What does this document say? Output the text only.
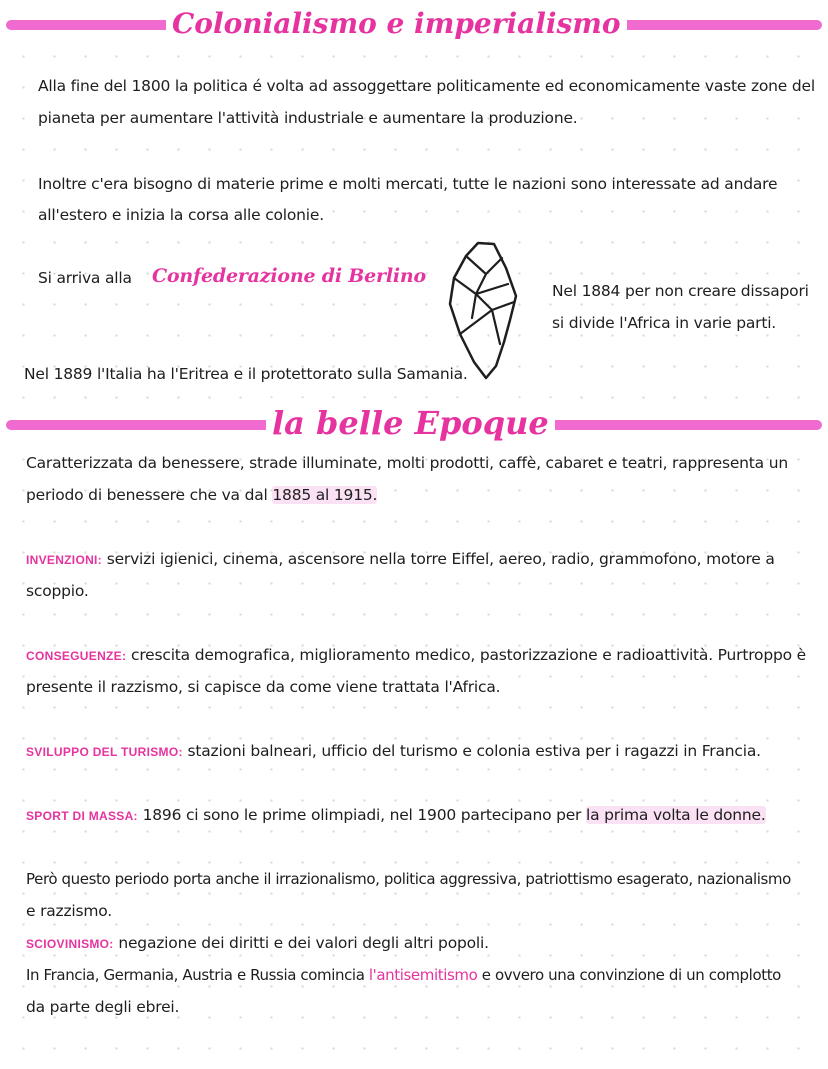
Colonialismo e imperialismo
Alla fine del 1800 la politica é volta ad assoggettare politicamente ed economicamente vaste zone del
pianeta per aumentare l'attività industriale e aumentare la produzione.
Inoltre c'era bisogno di materie prime e molti mercati, tutte le nazioni sono interessate ad andare
all'estero e inizia la corsa alle colonie.
Si arriva alla Confederazione di Berlino
Nel 1884 per non creare dissapori
si divide l'Africa in varie parti.
Nel 1889 l'Italia ha l'Eritrea e il protettorato sulla Samania.
la belle Epoque
Caratterizzata da benessere, strade illuminate, molti prodotti, caffè, cabaret e teatri, rappresenta un
periodo di benessere che va dal 1885 al 1915.
INVENZIONI: servizi igienici, cinema, ascensore nella torre Eiffel, aereo, radio, grammofono, motore a
scoppio.
CONSEGUENZE: crescita demografica, miglioramento medico, pastorizzazione e radioattività. Purtroppo è
presente il razzismo, si capisce da come viene trattata l'Africa.
SVILUPPO DEL TURISMO: stazioni balneari, ufficio del turismo e colonia estiva per i ragazzi in Francia.
SPORT DI MASSA: 1896 ci sono le prime olimpiadi, nel 1900 partecipano per la prima volta le donne.
Però questo periodo porta anche il irrazionalismo, politica aggressiva, patriottismo esagerato, nazionalismo
e razzismo.
SCIOVINISMO: negazione dei diritti e dei valori degli altri popoli.
In Francia, Germania, Austria e Russia comincia l'antisemitismo e ovvero una convinzione di un complotto
da parte degli ebrei.
